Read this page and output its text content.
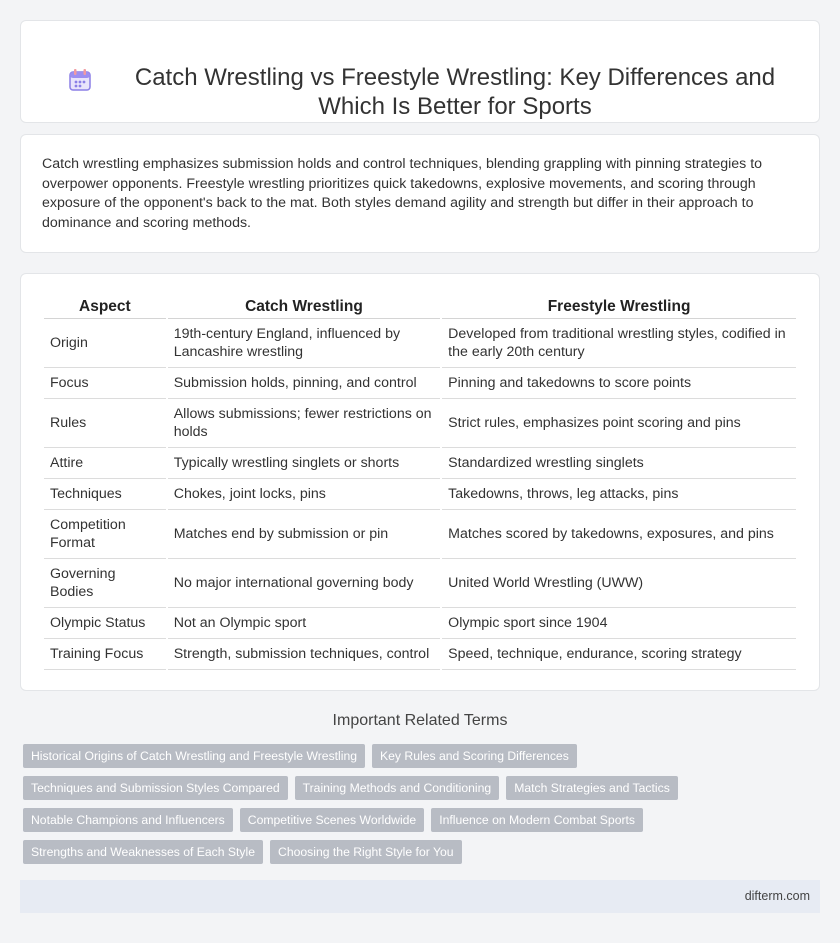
Catch Wrestling vs Freestyle Wrestling: Key Differences and Which Is Better for Sports

Catch wrestling emphasizes submission holds and control techniques, blending grappling with pinning strategies to overpower opponents. Freestyle wrestling prioritizes quick takedowns, explosive movements, and scoring through exposure of the opponent's back to the mat. Both styles demand agility and strength but differ in their approach to dominance and scoring methods.

Aspect	Catch Wrestling	Freestyle Wrestling
Origin	19th-century England, influenced by Lancashire wrestling	Developed from traditional wrestling styles, codified in the early 20th century
Focus	Submission holds, pinning, and control	Pinning and takedowns to score points
Rules	Allows submissions; fewer restrictions on holds	Strict rules, emphasizes point scoring and pins
Attire	Typically wrestling singlets or shorts	Standardized wrestling singlets
Techniques	Chokes, joint locks, pins	Takedowns, throws, leg attacks, pins
Competition Format	Matches end by submission or pin	Matches scored by takedowns, exposures, and pins
Governing Bodies	No major international governing body	United World Wrestling (UWW)
Olympic Status	Not an Olympic sport	Olympic sport since 1904
Training Focus	Strength, submission techniques, control	Speed, technique, endurance, scoring strategy
Important Related Terms
Historical Origins of Catch Wrestling and Freestyle Wrestling	Key Rules and Scoring Differences
Techniques and Submission Styles Compared	Training Methods and Conditioning	Match Strategies and Tactics
Notable Champions and Influencers	Competitive Scenes Worldwide	Influence on Modern Combat Sports
Strengths and Weaknesses of Each Style	Choosing the Right Style for You
difterm.com
